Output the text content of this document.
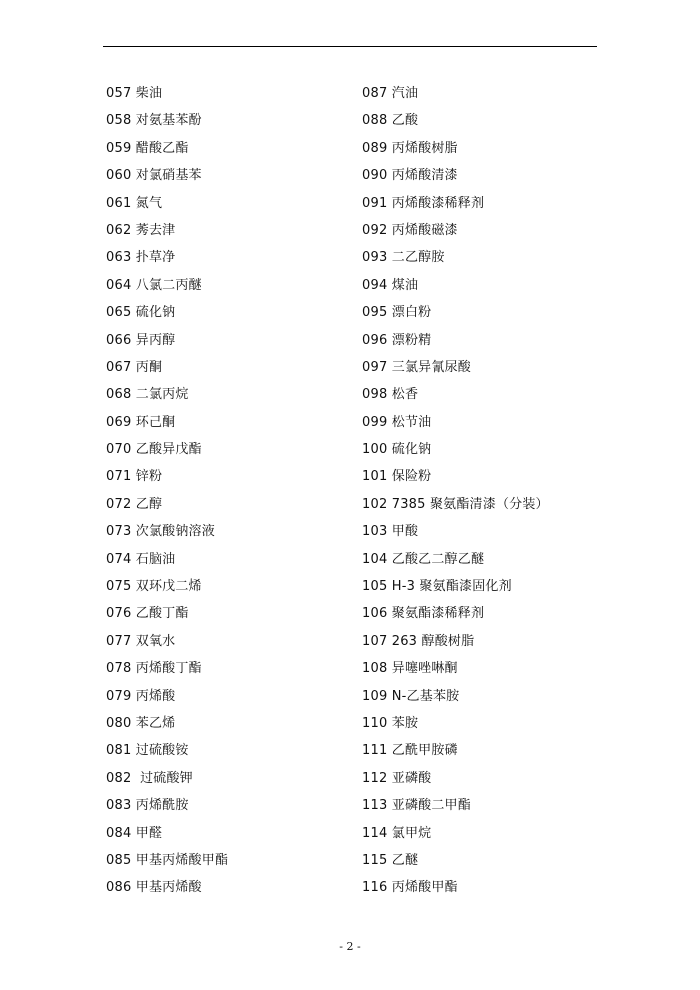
057 柴油
058 对氨基苯酚
059 醋酸乙酯
060 对氯硝基苯
061 氮气
062 莠去津
063 扑草净
064 八氯二丙醚
065 硫化钠
066 异丙醇
067 丙酮
068 二氯丙烷
069 环己酮
070 乙酸异戊酯
071 锌粉
072 乙醇
073 次氯酸钠溶液
074 石脑油
075 双环戊二烯
076 乙酸丁酯
077 双氧水
078 丙烯酸丁酯
079 丙烯酸
080 苯乙烯
081 过硫酸铵
082  过硫酸钾
083 丙烯酰胺
084 甲醛
085 甲基丙烯酸甲酯
086 甲基丙烯酸
087 汽油
088 乙酸
089 丙烯酸树脂
090 丙烯酸清漆
091 丙烯酸漆稀释剂
092 丙烯酸磁漆
093 二乙醇胺
094 煤油
095 漂白粉
096 漂粉精
097 三氯异氰尿酸
098 松香
099 松节油
100 硫化钠
101 保险粉
102 7385 聚氨酯清漆（分装）
103 甲酸
104 乙酸乙二醇乙醚
105 H-3 聚氨酯漆固化剂
106 聚氨酯漆稀释剂
107 263 醇酸树脂
108 异噻唑啉酮
109 N-乙基苯胺
110 苯胺
111 乙酰甲胺磷
112 亚磷酸
113 亚磷酸二甲酯
114 氯甲烷
115 乙醚
116 丙烯酸甲酯
- 2 -
